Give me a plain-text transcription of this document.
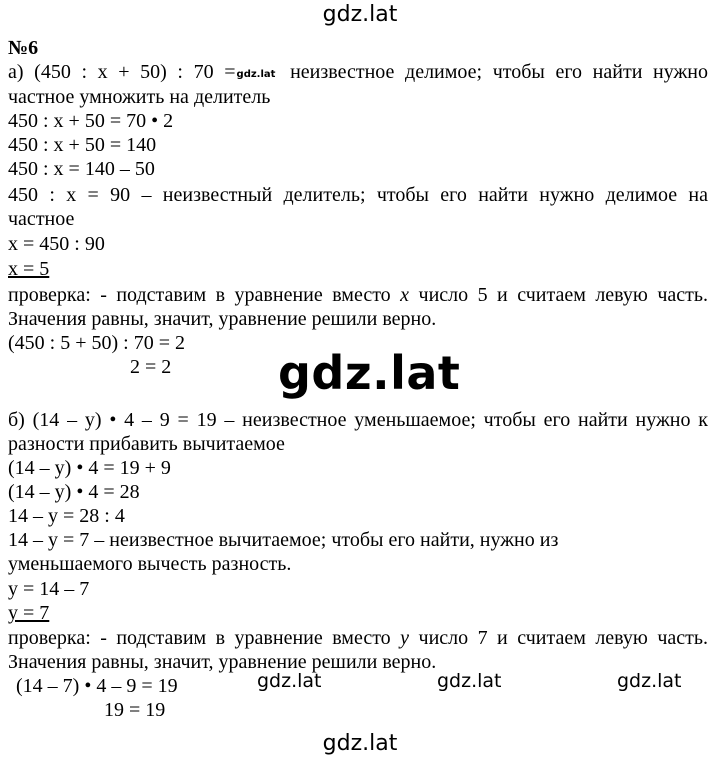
gdz.lat
gdz.lat
gdz.lat	gdz.lat	gdz.lat
gdz.lat
№6
а) (450 : x + 50) : 70 =gdz.lat неизвестное делимое; чтобы его найти нужно
частное умножить на делитель
450 : x + 50 = 70 • 2
450 : x + 50 = 140
450 : x = 140 – 50
450 : x = 90 – неизвестный делитель; чтобы его найти нужно делимое на
частное
x = 450 : 90
x = 5
проверка: - подставим в уравнение вместо x число 5 и считаем левую часть.
Значения равны, значит, уравнение решили верно.
(450 : 5 + 50) : 70 = 2
2 = 2
б) (14 – y) • 4 – 9 = 19 – неизвестное уменьшаемое; чтобы его найти нужно к
разности прибавить вычитаемое
(14 – y) • 4 = 19 + 9
(14 – y) • 4 = 28
14 – y = 28 : 4
14 – y = 7 – неизвестное вычитаемое; чтобы его найти, нужно из
уменьшаемого вычесть разность.
y = 14 – 7
y = 7
проверка: - подставим в уравнение вместо y число 7 и считаем левую часть.
Значения равны, значит, уравнение решили верно.
(14 – 7) • 4 – 9 = 19
19 = 19
